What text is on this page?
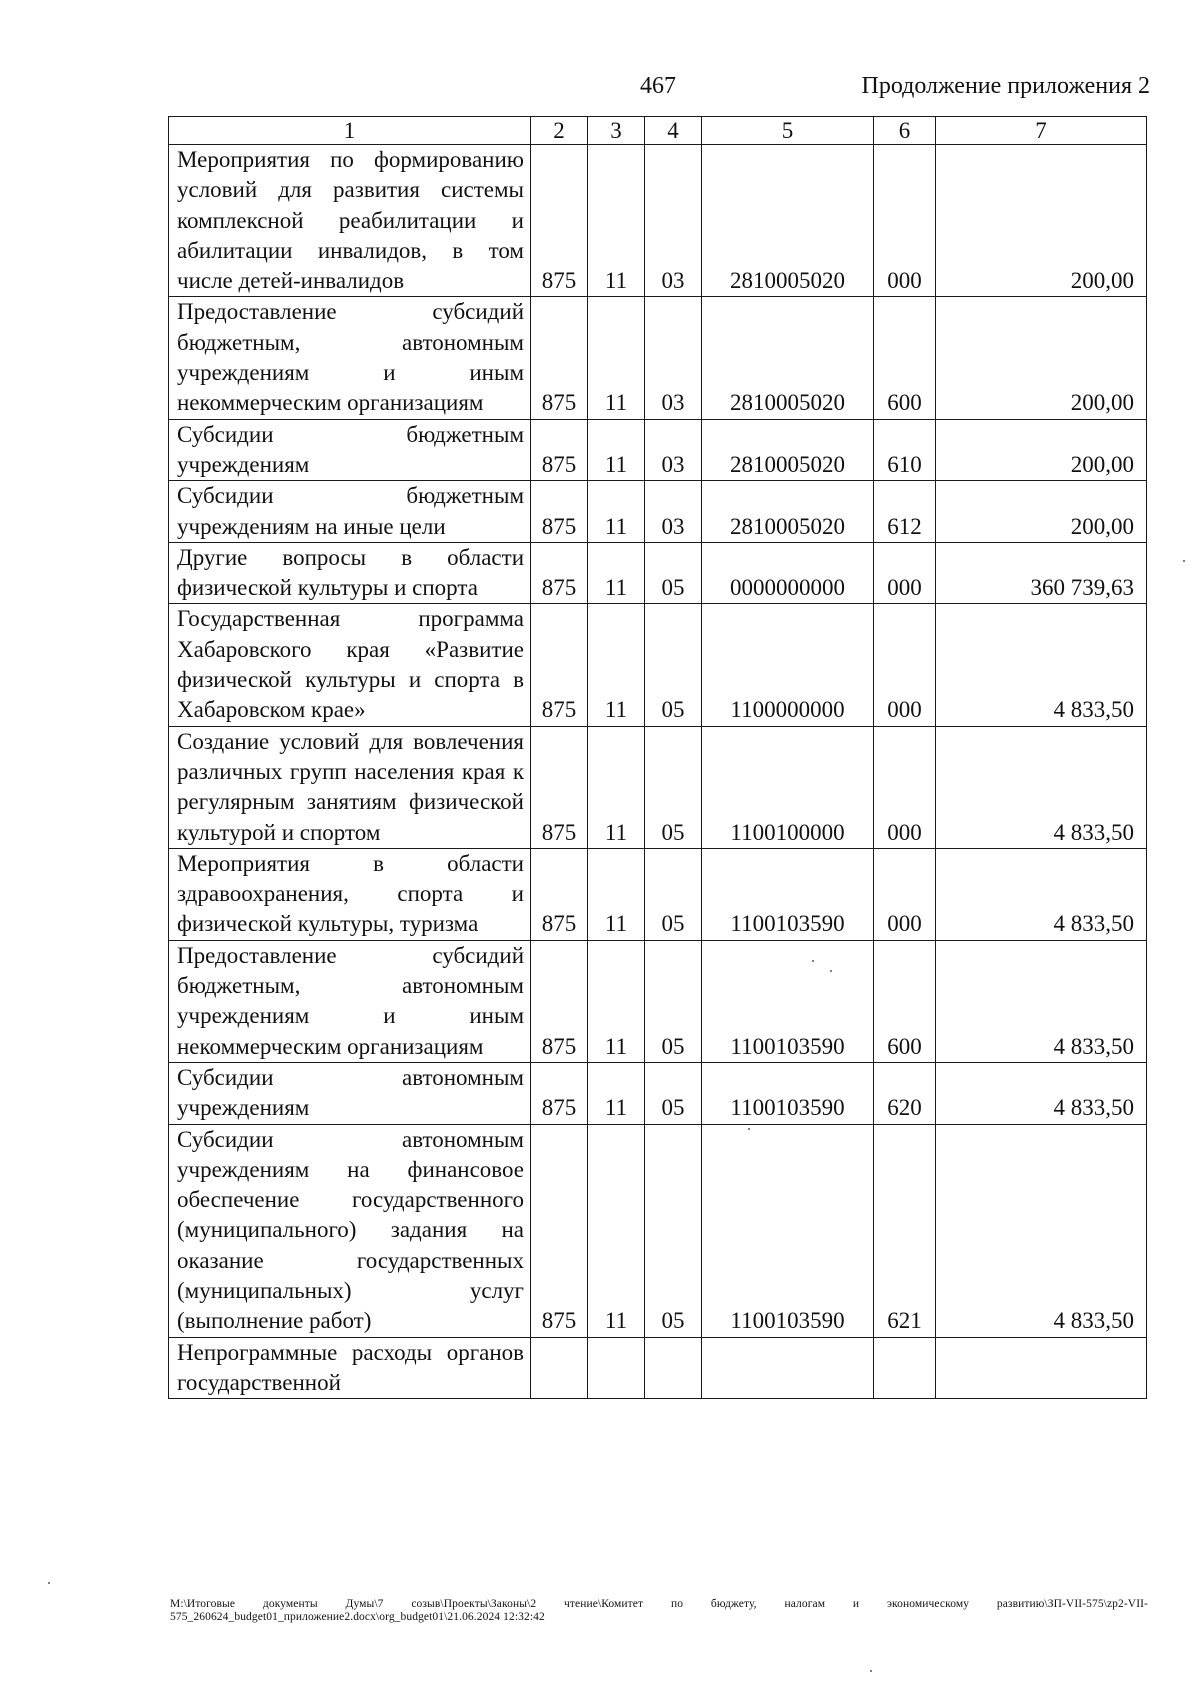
467	Продолжение приложения 2
1	2	3	4	5	6	7
Мероприятия по формированию условий для развития системы комплексной реабилитации и абилитации инвалидов, в том числе детей-инвалидов	875	11	03	2810005020	000	200,00
Предоставление субсидий бюджетным, автономным учреждениям и иным некоммерческим организациям	875	11	03	2810005020	600	200,00
Субсидии бюджетным учреждениям	875	11	03	2810005020	610	200,00
Субсидии бюджетным учреждениям на иные цели	875	11	03	2810005020	612	200,00
Другие вопросы в области физической культуры и спорта	875	11	05	0000000000	000	360 739,63
Государственная программа Хабаровского края «Развитие физической культуры и спорта в Хабаровском крае»	875	11	05	1100000000	000	4 833,50
Создание условий для вовлечения различных групп населения края к регулярным занятиям физической культурой и спортом	875	11	05	1100100000	000	4 833,50
Мероприятия в области здравоохранения, спорта и физической культуры, туризма	875	11	05	1100103590	000	4 833,50
Предоставление субсидий бюджетным, автономным учреждениям и иным некоммерческим организациям	875	11	05	1100103590	600	4 833,50
Субсидии автономным учреждениям	875	11	05	1100103590	620	4 833,50
Субсидии автономным учреждениям на финансовое обеспечение государственного (муниципального) задания на оказание государственных (муниципальных) услуг (выполнение работ)	875	11	05	1100103590	621	4 833,50
Непрограммные расходы органов государственной						
М:\Итоговые документы Думы\7 созыв\Проекты\Законы\2 чтение\Комитет по бюджету, налогам и экономическому развитию\ЗП-VII-575\zp2-VII-575_260624_budget01_приложение2.docx\org_budget01\21.06.2024 12:32:42
